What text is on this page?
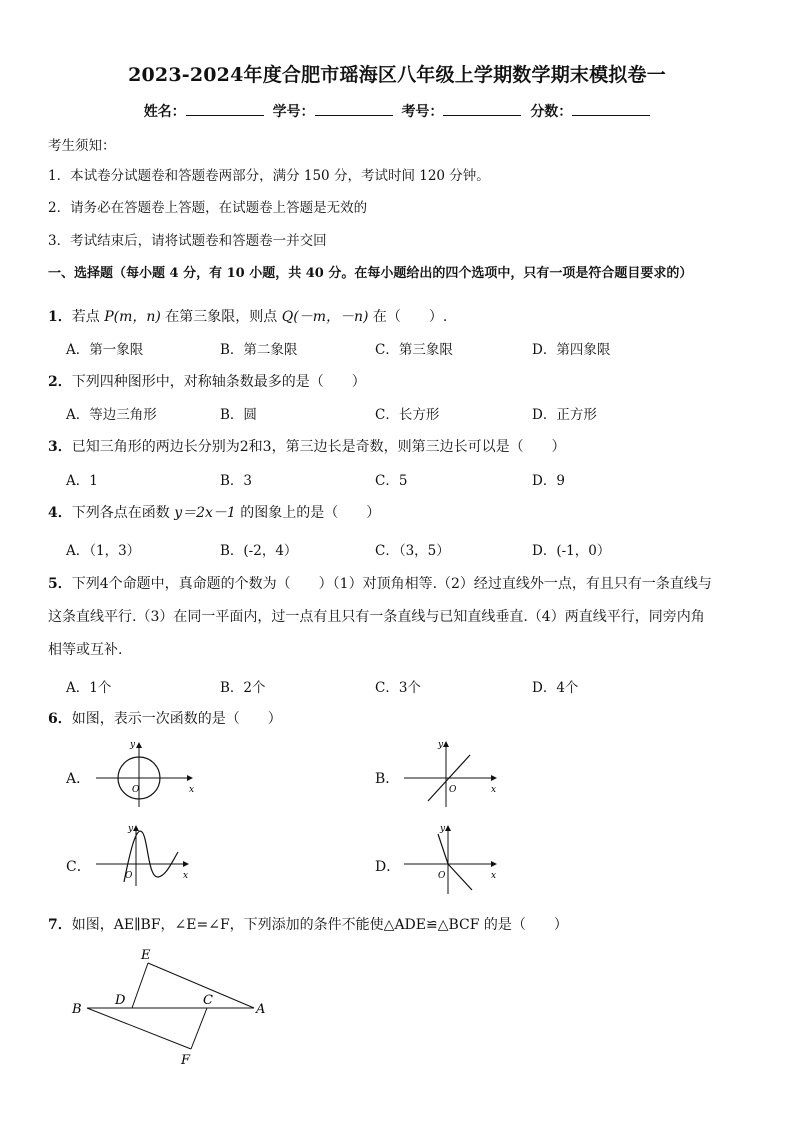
2023-2024年度合肥市瑶海区八年级上学期数学期末模拟卷一
姓名：	学号：	考号：	分数：
考生须知：
1．本试卷分试题卷和答题卷两部分，满分 150 分，考试时间 120 分钟。
2．请务必在答题卷上答题，在试题卷上答题是无效的
3．考试结束后，请将试题卷和答题卷一并交回
一、选择题（每小题 4 分，有 10 小题，共 40 分。在每小题给出的四个选项中，只有一项是符合题目要求的）
1．若点 P(m，n) 在第三象限，则点 Q(－m，－n) 在（　　）.
A．第一象限	B．第二象限	C．第三象限	D．第四象限
2．下列四种图形中，对称轴条数最多的是（　　）
A．等边三角形	B．圆	C．长方形	D．正方形
3．已知三角形的两边长分别为2和3，第三边长是奇数，则第三边长可以是（　　）
A．1	B．3	C．5	D．9
4．下列各点在函数 y＝2x－1 的图象上的是（　　）
A．（1，3）	B．(-2，4）	C．（3，5）	D．(-1，0）
5．下列4个命题中，真命题的个数为（　　）（1）对顶角相等.（2）经过直线外一点，有且只有一条直线与
这条直线平行.（3）在同一平面内，过一点有且只有一条直线与已知直线垂直.（4）两直线平行，同旁内角
相等或互补.
A．1个	B．2个	C．3个	D．4个
6．如图，表示一次函数的是（　　）
A．
x
y
O
B．
x
y
O
C．
x
y
O
D．
x
y
O
7．如图，AE∥BF，∠E=∠F，下列添加的条件不能使△ADE≌△BCF 的是（　　）
E
D	C
A
B
F
